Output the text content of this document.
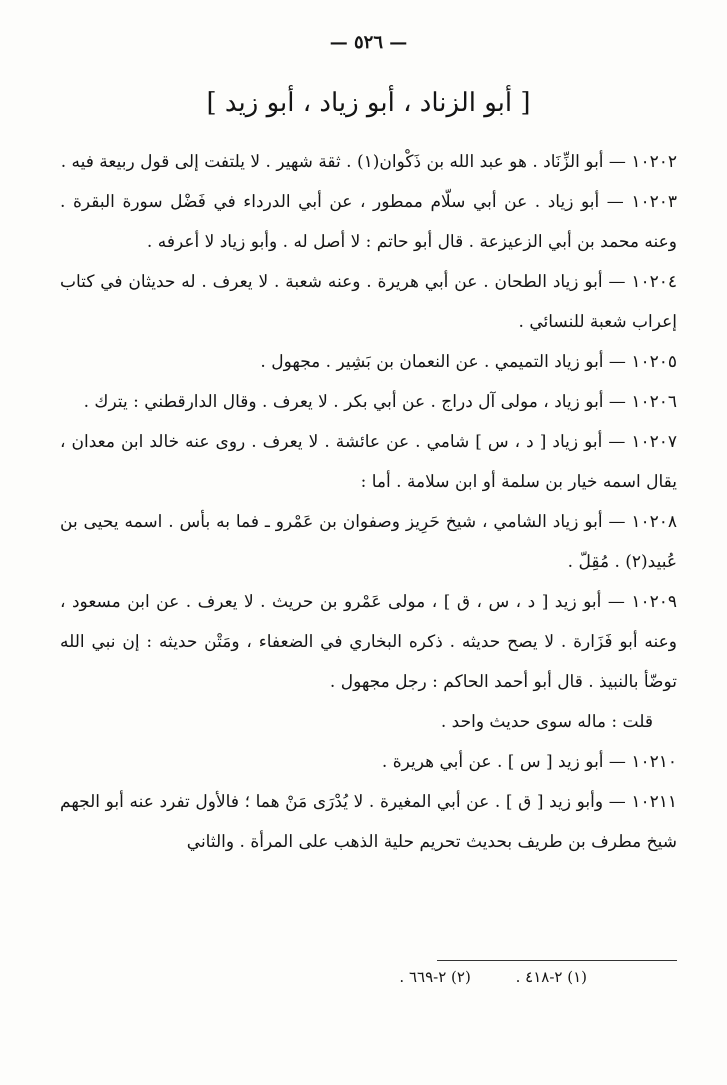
— ٥٢٦ —
[ أبو الزناد ، أبو زياد ، أبو زيد ]

١٠٢٠٢ — أبو الزِّنَاد . هو عبد الله بن ذَكْوان(١) . ثقة شهير . لا يلتفت إلى قول ربيعة فيه .

١٠٢٠٣ — أبو زياد . عن أبي سلّام ممطور ، عن أبي الدرداء في فَضْل سورة البقرة . وعنه محمد بن أبي الزعيزعة . قال أبو حاتم : لا أصل له . وأبو زياد لا أعرفه .

١٠٢٠٤ — أبو زياد الطحان . عن أبي هريرة . وعنه شعبة . لا يعرف . له حديثان في كتاب إعراب شعبة للنسائي .

١٠٢٠٥ — أبو زياد التميمي . عن النعمان بن بَشِير . مجهول .

١٠٢٠٦ — أبو زياد ، مولى آل دراج . عن أبي بكر . لا يعرف . وقال الدارقطني : يترك .

١٠٢٠٧ — أبو زياد [ د ، س ] شامي . عن عائشة . لا يعرف . روى عنه خالد ابن معدان ، يقال اسمه خيار بن سلمة أو ابن سلامة . أما :

١٠٢٠٨ — أبو زياد الشامي ، شيخ حَرِيز وصفوان بن عَمْرو ـ فما به بأس . اسمه يحيى بن عُبيد(٢) . مُقِلّ .

١٠٢٠٩ — أبو زيد [ د ، س ، ق ] ، مولى عَمْرو بن حريث . لا يعرف . عن ابن مسعود ، وعنه أبو فَزَارة . لا يصح حديثه . ذكره البخاري في الضعفاء ، ومَتْن حديثه : إن نبي الله توضّأ بالنبيذ . قال أبو أحمد الحاكم : رجل مجهول .

قلت : ماله سوى حديث واحد .

١٠٢١٠ — أبو زيد [ س ] . عن أبي هريرة .

١٠٢١١ — وأبو زيد [ ق ] . عن أبي المغيرة . لا يُدْرَى مَنْ هما ؛ فالأول تفرد عنه أبو الجهم شيخ مطرف بن طريف بحديث تحريم حلية الذهب على المرأة . والثاني

(١) ٢-٤١٨ . (٢) ٢-٦٦٩ .
